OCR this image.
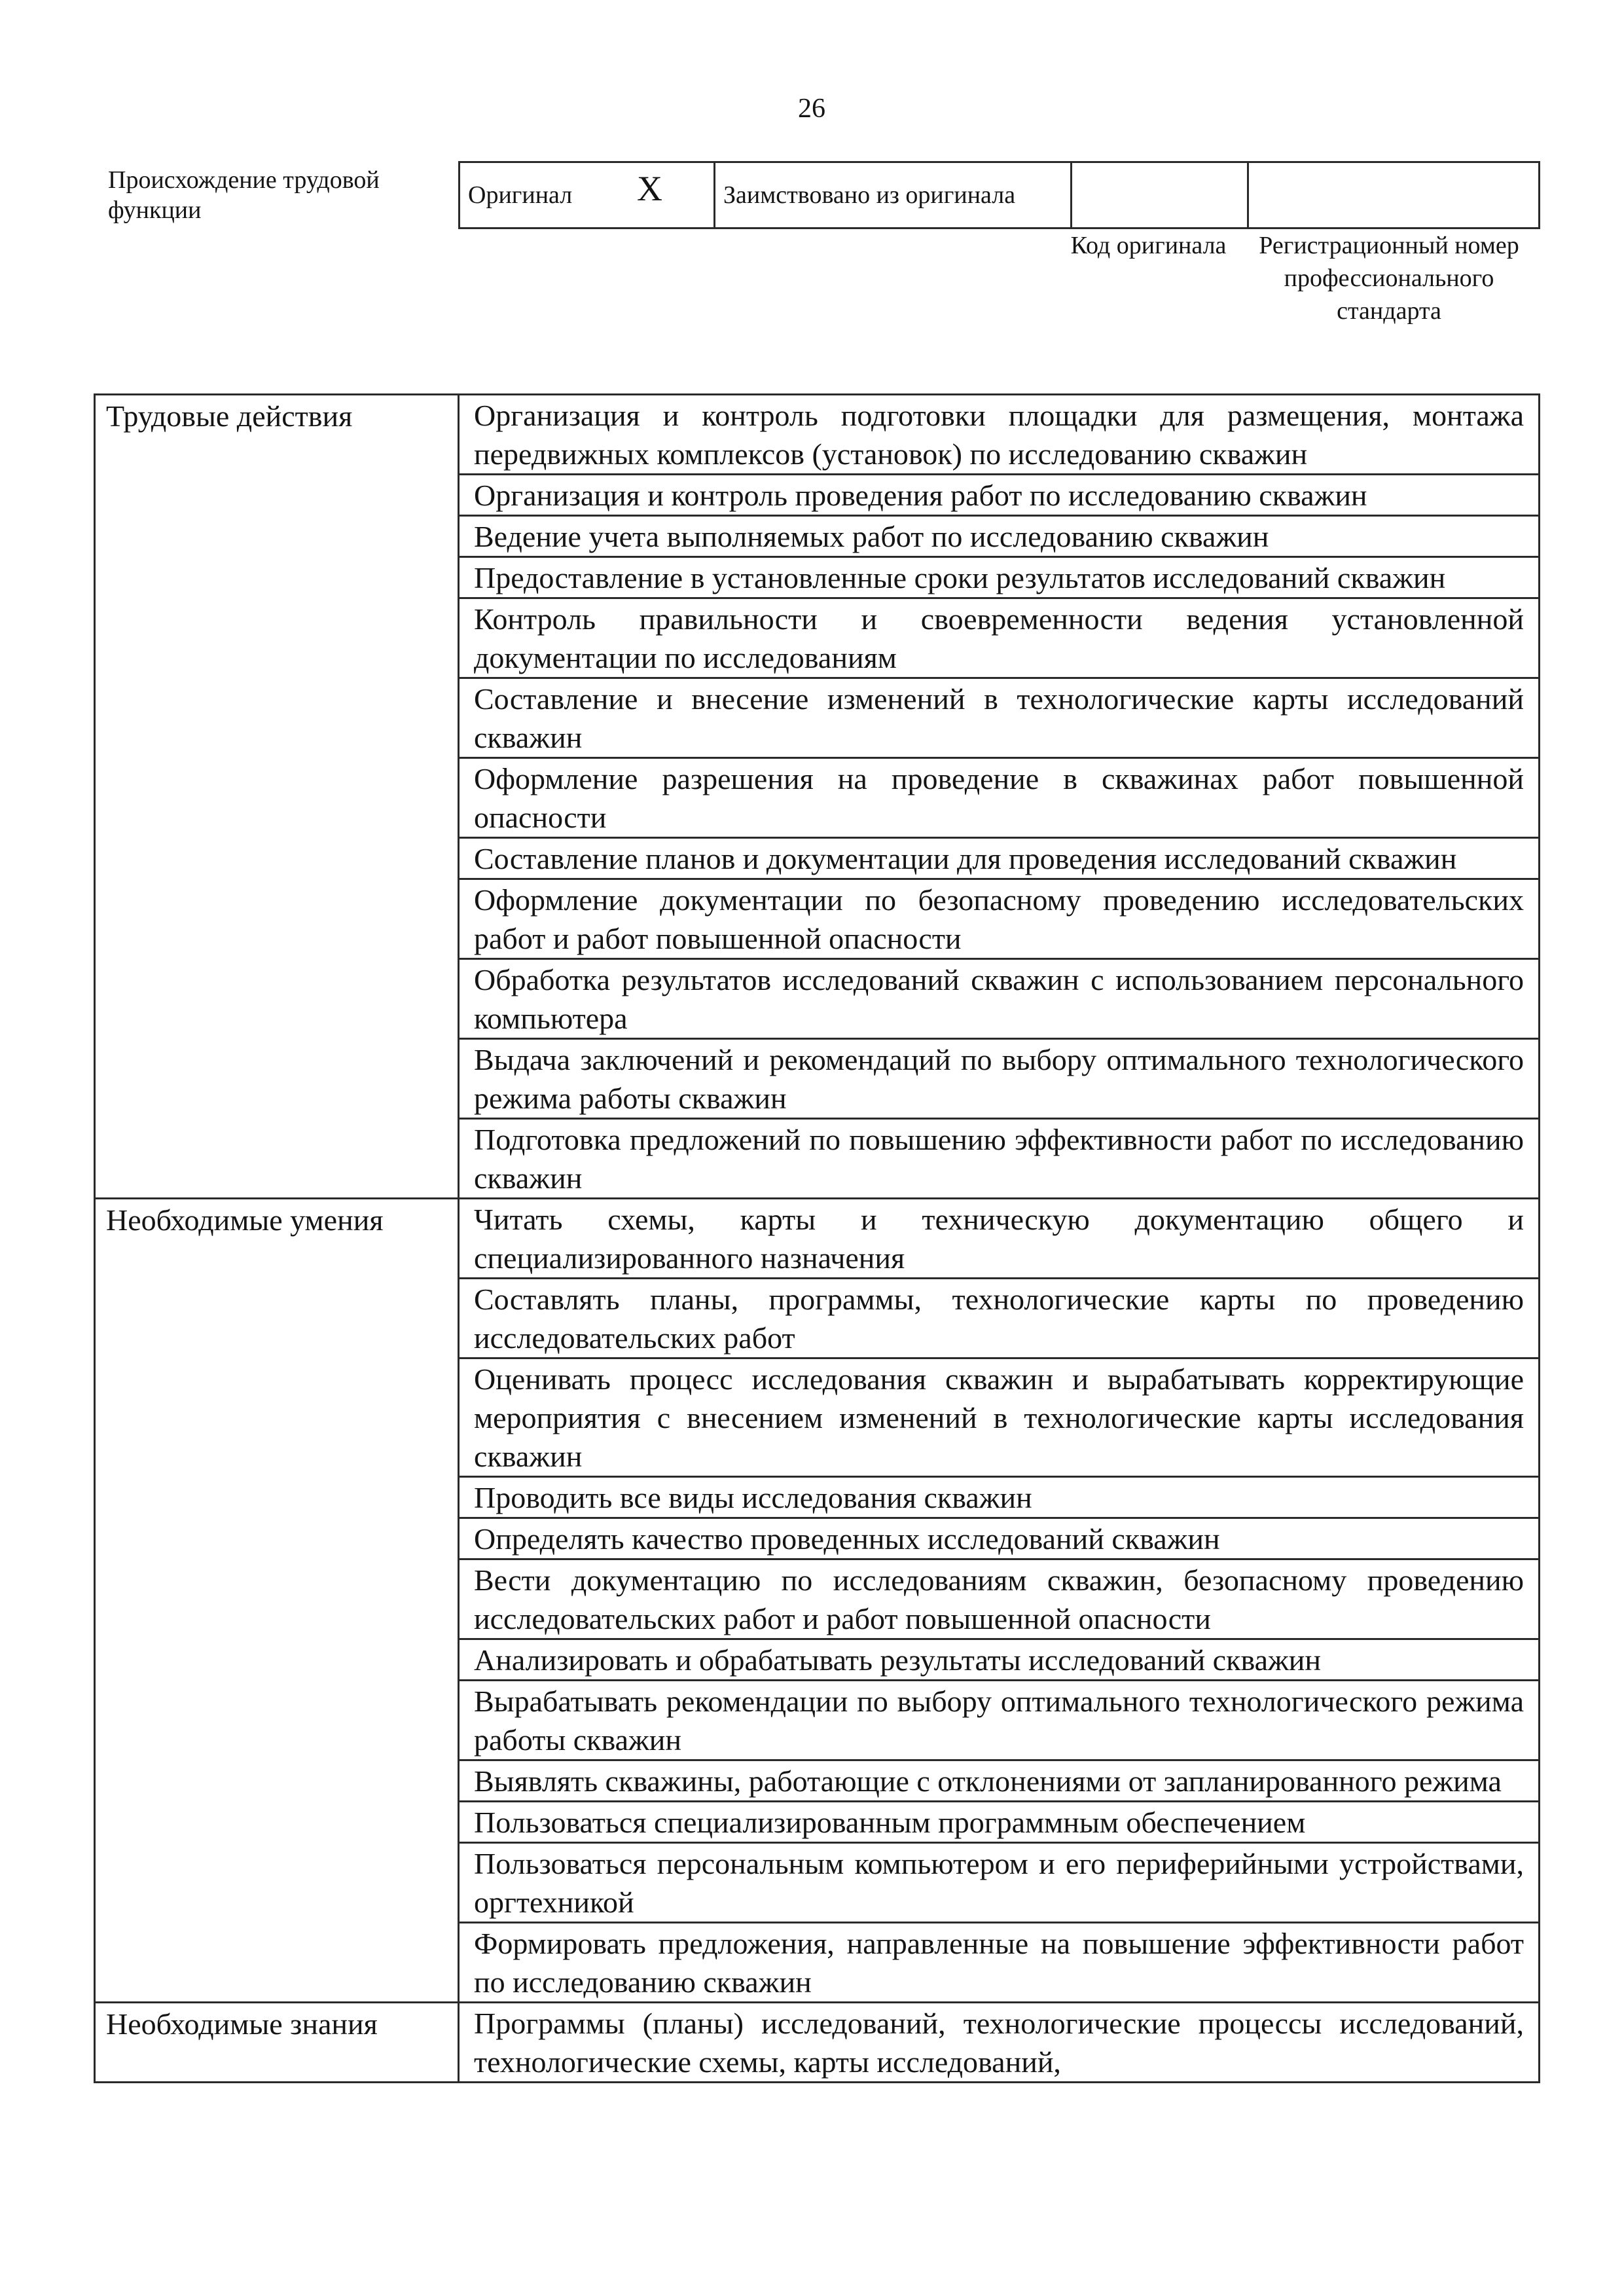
26
Происхождение трудовой функции
Оригинал X	Заимствовано из оригинала		
Код оригинала	Регистрационный номер профессионального стандарта
Трудовые действия	Организация и контроль подготовки площадки для размещения, монтажа передвижных комплексов (установок) по исследованию скважин
	Организация и контроль проведения работ по исследованию скважин
	Ведение учета выполняемых работ по исследованию скважин
	Предоставление в установленные сроки результатов исследований скважин
	Контроль правильности и своевременности ведения установленной документации по исследованиям
	Составление и внесение изменений в технологические карты исследований скважин
	Оформление разрешения на проведение в скважинах работ повышенной опасности
	Составление планов и документации для проведения исследований скважин
	Оформление документации по безопасному проведению исследовательских работ и работ повышенной опасности
	Обработка результатов исследований скважин с использованием персонального компьютера
	Выдача заключений и рекомендаций по выбору оптимального технологического режима работы скважин
	Подготовка предложений по повышению эффективности работ по исследованию скважин
Необходимые умения	Читать схемы, карты и техническую документацию общего и специализированного назначения
	Составлять планы, программы, технологические карты по проведению исследовательских работ
	Оценивать процесс исследования скважин и вырабатывать корректирующие мероприятия с внесением изменений в технологические карты исследования скважин
	Проводить все виды исследования скважин
	Определять качество проведенных исследований скважин
	Вести документацию по исследованиям скважин, безопасному проведению исследовательских работ и работ повышенной опасности
	Анализировать и обрабатывать результаты исследований скважин
	Вырабатывать рекомендации по выбору оптимального технологического режима работы скважин
	Выявлять скважины, работающие с отклонениями от запланированного режима
	Пользоваться специализированным программным обеспечением
	Пользоваться персональным компьютером и его периферийными устройствами, оргтехникой
	Формировать предложения, направленные на повышение эффективности работ по исследованию скважин
Необходимые знания	Программы (планы) исследований, технологические процессы исследований, технологические схемы, карты исследований,
